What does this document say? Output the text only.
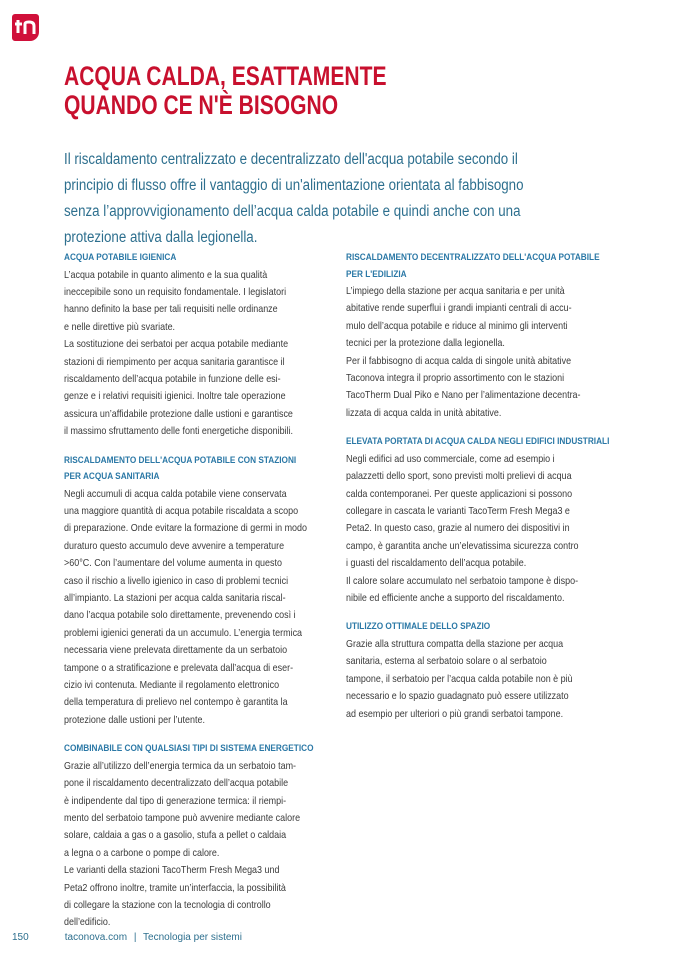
ACQUA CALDA, ESATTAMENTE
QUANDO CE N'È BISOGNO
Il riscaldamento centralizzato e decentralizzato dell'acqua potabile secondo il
principio di flusso offre il vantaggio di un'alimentazione orientata al fabbisogno
senza l’approvvigionamento dell’acqua calda potabile e quindi anche con una
protezione attiva dalla legionella.
ACQUA POTABILE IGIENICA
L’acqua potabile in quanto alimento e la sua qualità
ineccepibile sono un requisito fondamentale. I legislatori
hanno definito la base per tali requisiti nelle ordinanze
e nelle direttive più svariate.
La sostituzione dei serbatoi per acqua potabile mediante
stazioni di riempimento per acqua sanitaria garantisce il
riscaldamento dell’acqua potabile in funzione delle esi-
genze e i relativi requisiti igienici. Inoltre tale operazione
assicura un’affidabile protezione dalle ustioni e garantisce
il massimo sfruttamento delle fonti energetiche disponibili.
RISCALDAMENTO DELL'ACQUA POTABILE CON STAZIONI
PER ACQUA SANITARIA
Negli accumuli di acqua calda potabile viene conservata
una maggiore quantità di acqua potabile riscaldata a scopo
di preparazione. Onde evitare la formazione di germi in modo
duraturo questo accumulo deve avvenire a temperature
>60°C. Con l’aumentare del volume aumenta in questo
caso il rischio a livello igienico in caso di problemi tecnici
all’impianto. La stazioni per acqua calda sanitaria riscal-
dano l’acqua potabile solo direttamente, prevenendo così i
problemi igienici generati da un accumulo. L’energia termica
necessaria viene prelevata direttamente da un serbatoio
tampone o a stratificazione e prelevata dall’acqua di eser-
cizio ivi contenuta. Mediante il regolamento elettronico
della temperatura di prelievo nel contempo è garantita la
protezione dalle ustioni per l’utente.
COMBINABILE CON QUALSIASI TIPI DI SISTEMA ENERGETICO
Grazie all’utilizzo dell’energia termica da un serbatoio tam-
pone il riscaldamento decentralizzato dell’acqua potabile
è indipendente dal tipo di generazione termica: il riempi-
mento del serbatoio tampone può avvenire mediante calore
solare, caldaia a gas o a gasolio, stufa a pellet o caldaia
a legna o a carbone o pompe di calore.
Le varianti della stazioni TacoTherm Fresh Mega3 und
Peta2 offrono inoltre, tramite un’interfaccia, la possibilità
di collegare la stazione con la tecnologia di controllo
dell’edificio.
RISCALDAMENTO DECENTRALIZZATO DELL'ACQUA POTABILE
PER L'EDILIZIA
L’impiego della stazione per acqua sanitaria e per unità
abitative rende superflui i grandi impianti centrali di accu-
mulo dell’acqua potabile e riduce al minimo gli interventi
tecnici per la protezione dalla legionella.
Per il fabbisogno di acqua calda di singole unità abitative
Taconova integra il proprio assortimento con le stazioni
TacoTherm Dual Piko e Nano per l’alimentazione decentra-
lizzata di acqua calda in unità abitative.
ELEVATA PORTATA DI ACQUA CALDA NEGLI EDIFICI INDUSTRIALI
Negli edifici ad uso commerciale, come ad esempio i
palazzetti dello sport, sono previsti molti prelievi di acqua
calda contemporanei. Per queste applicazioni si possono
collegare in cascata le varianti TacoTerm Fresh Mega3 e
Peta2. In questo caso, grazie al numero dei dispositivi in
campo, è garantita anche un’elevatissima sicurezza contro
i guasti del riscaldamento dell’acqua potabile.
Il calore solare accumulato nel serbatoio tampone è dispo-
nibile ed efficiente anche a supporto del riscaldamento.
UTILIZZO OTTIMALE DELLO SPAZIO
Grazie alla struttura compatta della stazione per acqua
sanitaria, esterna al serbatoio solare o al serbatoio
tampone, il serbatoio per l’acqua calda potabile non è più
necessario e lo spazio guadagnato può essere utilizzato
ad esempio per ulteriori o più grandi serbatoi tampone.
150	taconova.com | Tecnologia per sistemi
